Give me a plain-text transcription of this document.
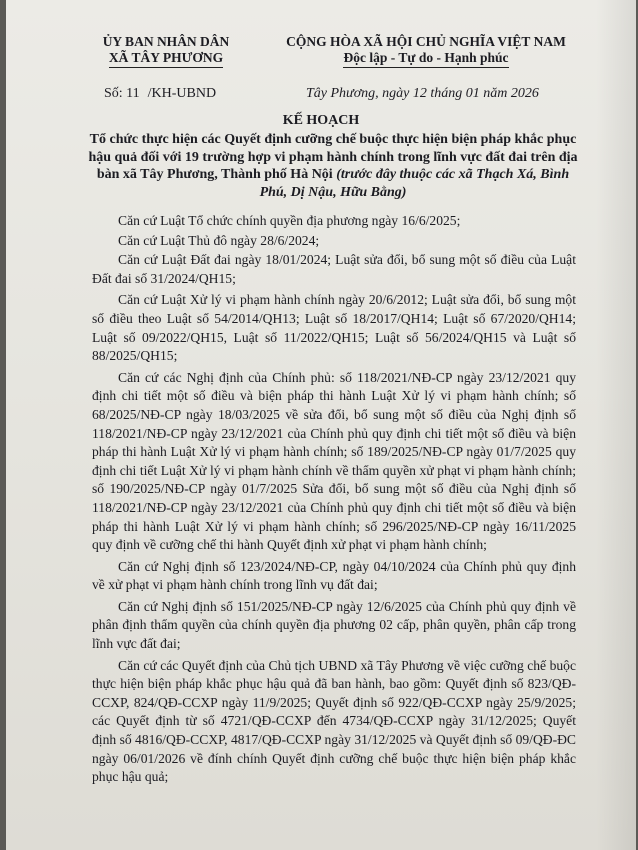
ỦY BAN NHÂN DÂN
XÃ TÂY PHƯƠNG
CỘNG HÒA XÃ HỘI CHỦ NGHĨA VIỆT NAM
Độc lập - Tự do - Hạnh phúc
Số: 11 /KH-UBND	Tây Phương, ngày 12 tháng 01 năm 2026
KẾ HOẠCH
Tổ chức thực hiện các Quyết định cưỡng chế buộc thực hiện biện pháp khắc phục hậu quả đối với 19 trường hợp vi phạm hành chính trong lĩnh vực đất đai trên địa bàn xã Tây Phương, Thành phố Hà Nội (trước đây thuộc các xã Thạch Xá, Bình Phú, Dị Nậu, Hữu Bằng)

Căn cứ Luật Tổ chức chính quyền địa phương ngày 16/6/2025;

Căn cứ Luật Thủ đô ngày 28/6/2024;

Căn cứ Luật Đất đai ngày 18/01/2024; Luật sửa đổi, bổ sung một số điều của Luật Đất đai số 31/2024/QH15;

Căn cứ Luật Xử lý vi phạm hành chính ngày 20/6/2012; Luật sửa đổi, bổ sung một số điều theo Luật số 54/2014/QH13; Luật số 18/2017/QH14; Luật số 67/2020/QH14; Luật số 09/2022/QH15, Luật số 11/2022/QH15; Luật số 56/2024/QH15 và Luật số 88/2025/QH15;

Căn cứ các Nghị định của Chính phủ: số 118/2021/NĐ-CP ngày 23/12/2021 quy định chi tiết một số điều và biện pháp thi hành Luật Xử lý vi phạm hành chính; số 68/2025/NĐ-CP ngày 18/03/2025 về sửa đổi, bổ sung một số điều của Nghị định số 118/2021/NĐ-CP ngày 23/12/2021 của Chính phủ quy định chi tiết một số điều và biện pháp thi hành Luật Xử lý vi phạm hành chính; số 189/2025/NĐ-CP ngày 01/7/2025 quy định chi tiết Luật Xử lý vi phạm hành chính về thẩm quyền xử phạt vi phạm hành chính; số 190/2025/NĐ-CP ngày 01/7/2025 Sửa đổi, bổ sung một số điều của Nghị định số 118/2021/NĐ-CP ngày 23/12/2021 của Chính phủ quy định chi tiết một số điều và biện pháp thi hành Luật Xử lý vi phạm hành chính; số 296/2025/NĐ-CP ngày 16/11/2025 quy định về cưỡng chế thi hành Quyết định xử phạt vi phạm hành chính;

Căn cứ Nghị định số 123/2024/NĐ-CP, ngày 04/10/2024 của Chính phủ quy định về xử phạt vi phạm hành chính trong lĩnh vụ đất đai;

Căn cứ Nghị định số 151/2025/NĐ-CP ngày 12/6/2025 của Chính phủ quy định về phân định thẩm quyền của chính quyền địa phương 02 cấp, phân quyền, phân cấp trong lĩnh vực đất đai;

Căn cứ các Quyết định của Chủ tịch UBND xã Tây Phương về việc cưỡng chế buộc thực hiện biện pháp khắc phục hậu quả đã ban hành, bao gồm: Quyết định số 823/QĐ-CCXP, 824/QĐ-CCXP ngày 11/9/2025; Quyết định số 922/QĐ-CCXP ngày 25/9/2025; các Quyết định từ số 4721/QĐ-CCXP đến 4734/QĐ-CCXP ngày 31/12/2025; Quyết định số 4816/QĐ-CCXP, 4817/QĐ-CCXP ngày 31/12/2025 và Quyết định số 09/QĐ-ĐC ngày 06/01/2026 về đính chính Quyết định cưỡng chế buộc thực hiện biện pháp khắc phục hậu quả;
